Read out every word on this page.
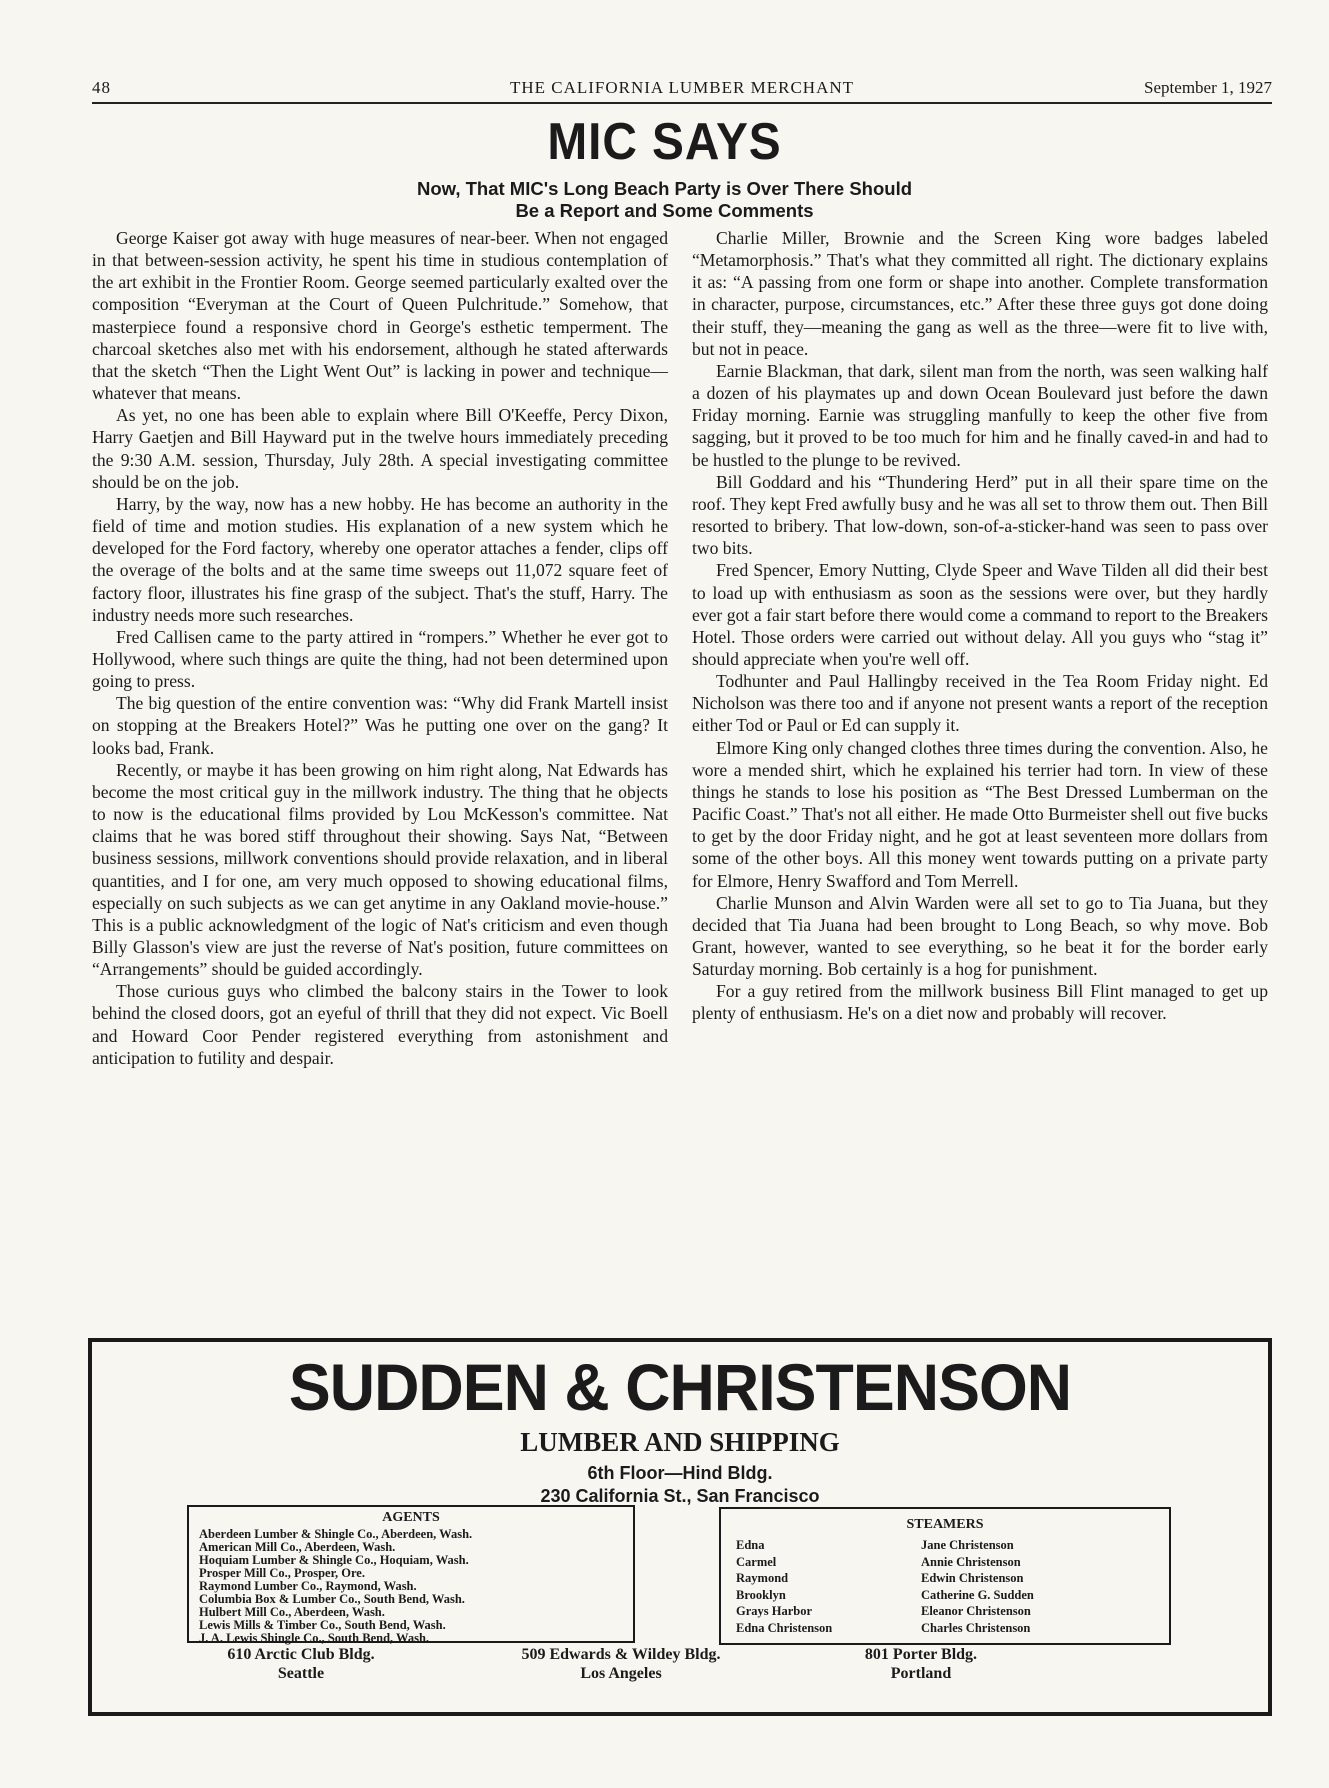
48	THE CALIFORNIA LUMBER MERCHANT	September 1, 1927
MIC SAYS
Now, That MIC's Long Beach Party is Over There Should
Be a Report and Some Comments

George Kaiser got away with huge measures of near-beer. When not engaged in that between-session activity, he spent his time in studious contemplation of the art exhibit in the Frontier Room. George seemed particularly exalted over the composition “Everyman at the Court of Queen Pulchritude.” Somehow, that masterpiece found a responsive chord in George's esthetic temperment. The charcoal sketches also met with his endorsement, although he stated afterwards that the sketch “Then the Light Went Out” is lacking in power and technique—whatever that means.

As yet, no one has been able to explain where Bill O'Keeffe, Percy Dixon, Harry Gaetjen and Bill Hayward put in the twelve hours immediately preceding the 9:30 A.M. session, Thursday, July 28th. A special investigating committee should be on the job.

Harry, by the way, now has a new hobby. He has become an authority in the field of time and motion studies. His explanation of a new system which he developed for the Ford factory, whereby one operator attaches a fender, clips off the overage of the bolts and at the same time sweeps out 11,072 square feet of factory floor, illustrates his fine grasp of the subject. That's the stuff, Harry. The industry needs more such researches.

Fred Callisen came to the party attired in “rompers.” Whether he ever got to Hollywood, where such things are quite the thing, had not been determined upon going to press.

The big question of the entire convention was: “Why did Frank Martell insist on stopping at the Breakers Hotel?” Was he putting one over on the gang? It looks bad, Frank.

Recently, or maybe it has been growing on him right along, Nat Edwards has become the most critical guy in the millwork industry. The thing that he objects to now is the educational films provided by Lou McKesson's committee. Nat claims that he was bored stiff throughout their showing. Says Nat, “Between business sessions, millwork conventions should provide relaxation, and in liberal quantities, and I for one, am very much opposed to showing educational films, especially on such subjects as we can get anytime in any Oakland movie-house.” This is a public acknowledgment of the logic of Nat's criticism and even though Billy Glasson's view are just the reverse of Nat's position, future committees on “Arrangements” should be guided accordingly.

Those curious guys who climbed the balcony stairs in the Tower to look behind the closed doors, got an eyeful of thrill that they did not expect. Vic Boell and Howard Coor Pender registered everything from astonishment and anticipation to futility and despair.

Charlie Miller, Brownie and the Screen King wore badges labeled “Metamorphosis.” That's what they committed all right. The dictionary explains it as: “A passing from one form or shape into another. Complete transformation in character, purpose, circumstances, etc.” After these three guys got done doing their stuff, they—meaning the gang as well as the three—were fit to live with, but not in peace.

Earnie Blackman, that dark, silent man from the north, was seen walking half a dozen of his playmates up and down Ocean Boulevard just before the dawn Friday morning. Earnie was struggling manfully to keep the other five from sagging, but it proved to be too much for him and he finally caved-in and had to be hustled to the plunge to be revived.

Bill Goddard and his “Thundering Herd” put in all their spare time on the roof. They kept Fred awfully busy and he was all set to throw them out. Then Bill resorted to bribery. That low-down, son-of-a-sticker-hand was seen to pass over two bits.

Fred Spencer, Emory Nutting, Clyde Speer and Wave Tilden all did their best to load up with enthusiasm as soon as the sessions were over, but they hardly ever got a fair start before there would come a command to report to the Breakers Hotel. Those orders were carried out without delay. All you guys who “stag it” should appreciate when you're well off.

Todhunter and Paul Hallingby received in the Tea Room Friday night. Ed Nicholson was there too and if anyone not present wants a report of the reception either Tod or Paul or Ed can supply it.

Elmore King only changed clothes three times during the convention. Also, he wore a mended shirt, which he explained his terrier had torn. In view of these things he stands to lose his position as “The Best Dressed Lumberman on the Pacific Coast.” That's not all either. He made Otto Burmeister shell out five bucks to get by the door Friday night, and he got at least seventeen more dollars from some of the other boys. All this money went towards putting on a private party for Elmore, Henry Swafford and Tom Merrell.

Charlie Munson and Alvin Warden were all set to go to Tia Juana, but they decided that Tia Juana had been brought to Long Beach, so why move. Bob Grant, however, wanted to see everything, so he beat it for the border early Saturday morning. Bob certainly is a hog for punishment.

For a guy retired from the millwork business Bill Flint managed to get up plenty of enthusiasm. He's on a diet now and probably will recover.

SUDDEN & CHRISTENSON
LUMBER AND SHIPPING
6th Floor—Hind Bldg.
230 California St., San Francisco
AGENTS
Aberdeen Lumber & Shingle Co., Aberdeen, Wash.
American Mill Co., Aberdeen, Wash.
Hoquiam Lumber & Shingle Co., Hoquiam, Wash.
Prosper Mill Co., Prosper, Ore.
Raymond Lumber Co., Raymond, Wash.
Columbia Box & Lumber Co., South Bend, Wash.
Hulbert Mill Co., Aberdeen, Wash.
Lewis Mills & Timber Co., South Bend, Wash.
J. A. Lewis Shingle Co., South Bend, Wash.
STEAMERS
Edna
Carmel
Raymond
Brooklyn
Grays Harbor
Edna Christenson
Jane Christenson
Annie Christenson
Edwin Christenson
Catherine G. Sudden
Eleanor Christenson
Charles Christenson
610 Arctic Club Bldg.
Seattle
509 Edwards & Wildey Bldg.
Los Angeles
801 Porter Bldg.
Portland
